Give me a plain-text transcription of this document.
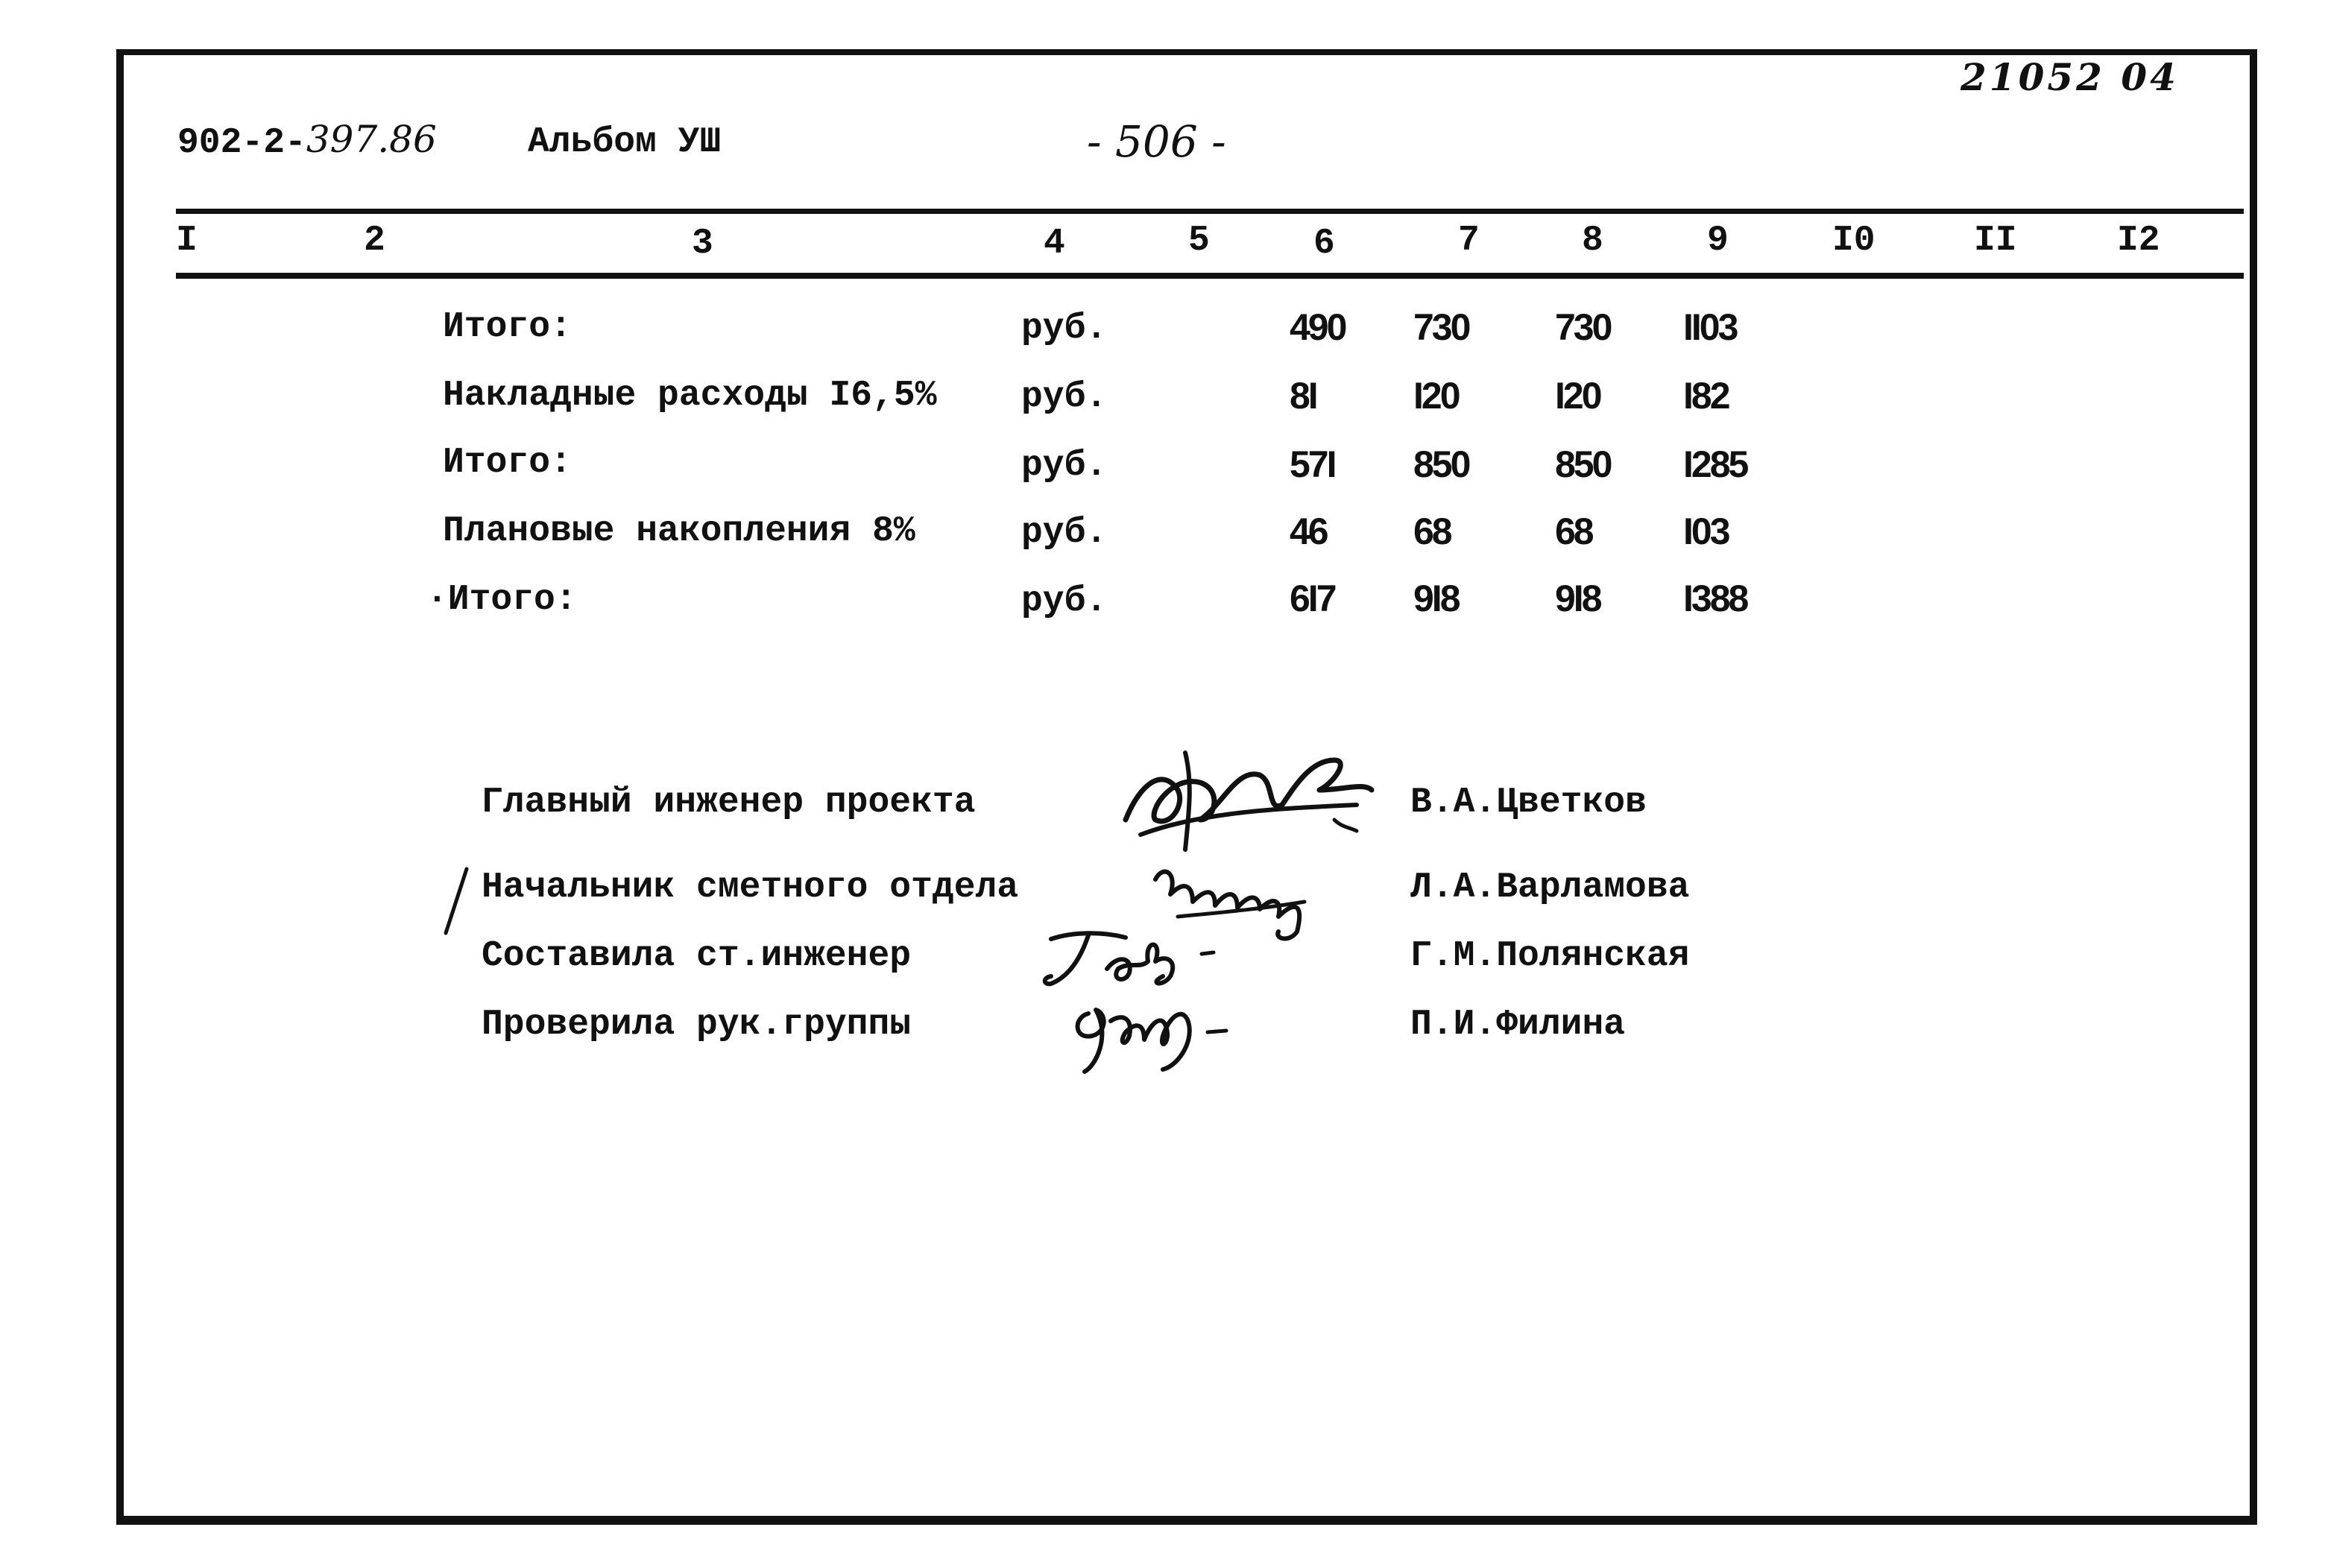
902-2-397.86	Альбом УШ	- 506 -
21052 04
I	2	3	4	5	6	7	8	9	I0	II	I2
Итого:	руб.	490 730 730 II03
Накладные расходы I6,5% руб.	8I	I20	I20 I82
Итого:	руб.	57I 850 850 I285
Плановые накопления 8%	руб.	46 68	68 I03
·Итого:	руб.	6I7 9I8	9I8 I388
Главный инженер проекта	В.А.Цветков
Начальник сметного отдела	Л.А.Варламова
Составила ст.инженер	Г.М.Полянская
Проверила рук.группы	П.И.Филина
